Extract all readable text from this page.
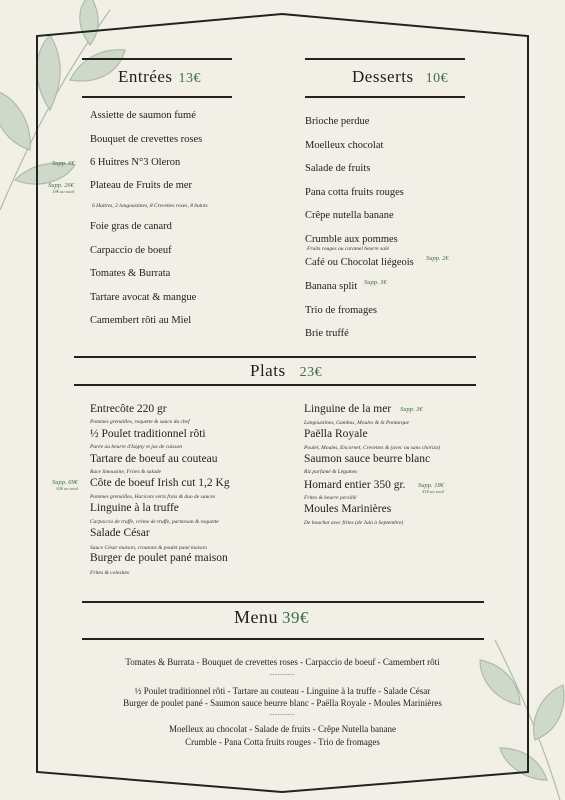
Entrées 13€
Assiette de saumon fumé
Bouquet de crevettes roses
Supp. 6€ 6 Huitres N°3 Oleron
Supp. 26€
19€ au total
Plateau de Fruits de mer
6 Huitres, 2 langoustines, 8 Crevettes roses, 8 bulots
Foie gras de canard
Carpaccio de boeuf
Tomates & Burrata
Tartare avocat & mangue
Camembert rôti au Miel
Desserts 10€
Brioche perdue
Moelleux chocolat
Salade de fruits
Pana cotta fruits rouges
Crêpe nutella banane
Crumble aux pommes
Fruits rouges ou caramel beurre salé
Café ou Chocolat liégeois Supp. 2€
Banana split Supp. 3€
Trio de fromages
Brie truffé
Plats 23€
Entrecôte 220 gr
Pommes grenailles, roquette & sauce du chef
½ Poulet traditionnel rôti
Purée au beurre d'Isigny et jus de cuisson
Tartare de boeuf au couteau
Race limousine, Frites & salade
Supp. 69€
92€ au total Côte de boeuf Irish cut 1,2 Kg
Pommes grenailles, Haricots verts frais & duo de sauces
Linguine à la truffe
Carpaccio de truffe, crème de truffe, parmesan & roquette
Salade César
Sauce César maison, croutons & poulet pané maison
Burger de poulet pané maison
Frites & coleslaw
Linguine de la mer Supp. 3€
Langoustines, Gambas, Moules & St Pontarque
Paëlla Royale
Poulet, Moules, Encornet, Crevettes & (avec ou sans chorizo)
Saumon sauce beurre blanc
Riz parfumé & Légumes
Homard entier 350 gr. Supp. 18€
41€ au total
Frites & beurre persillé
Moules Marinières
De bouchot avec frites (de Juin à Septembre)
Menu 39€
Tomates & Burrata - Bouquet de crevettes roses - Carpaccio de boeuf - Camembert rôti
----------
½ Poulet traditionnel rôti - Tartare au couteau - Linguine à la truffe - Salade César
Burger de poulet pané - Saumon sauce beurre blanc - Paëlla Royale - Moules Marinières
----------
Moelleux au chocolat - Salade de fruits - Crêpe Nutella banane
Crumble - Pana Cotta fruits rouges - Trio de fromages
